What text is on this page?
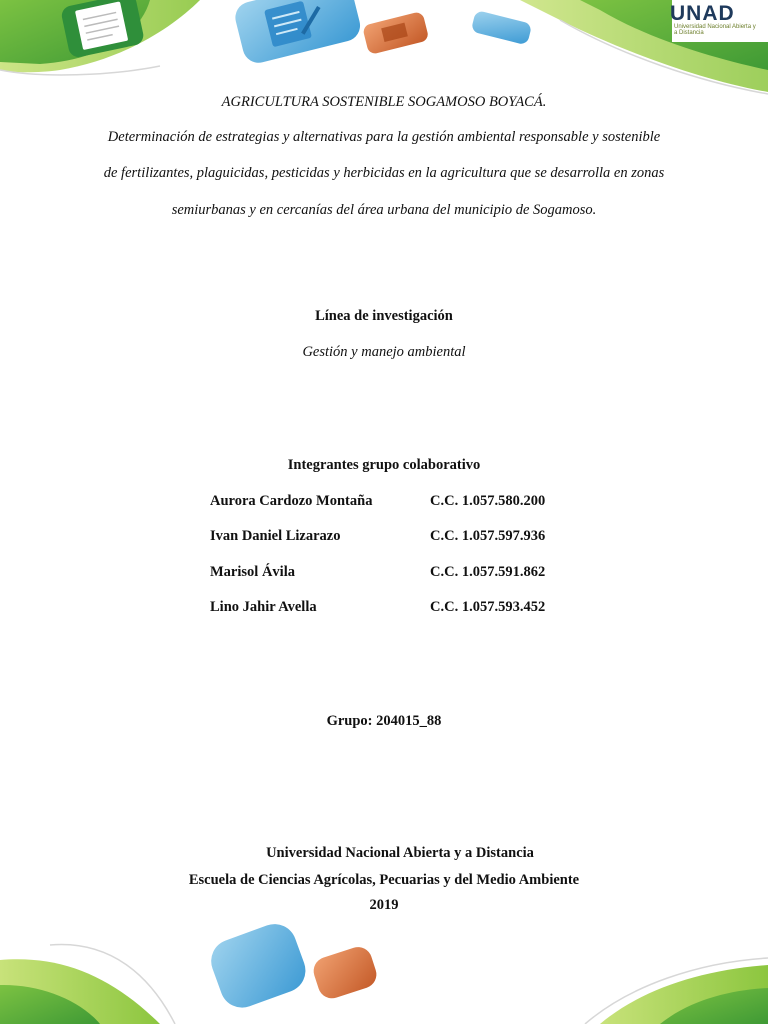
UNAD
Universidad Nacional Abierta y a Distancia
AGRICULTURA SOSTENIBLE SOGAMOSO BOYACÁ.
Determinación de estrategias y alternativas para la gestión ambiental responsable y sostenible
de fertilizantes, plaguicidas, pesticidas y herbicidas en la agricultura que se desarrolla en zonas
semiurbanas y en cercanías del área urbana del municipio de Sogamoso.
Línea de investigación
Gestión y manejo ambiental
Integrantes grupo colaborativo
Aurora Cardozo Montaña	C.C. 1.057.580.200
Ivan Daniel Lizarazo	C.C. 1.057.597.936
Marisol Ávila	C.C. 1.057.591.862
Lino Jahir Avella	C.C. 1.057.593.452
Grupo: 204015_88
Universidad Nacional Abierta y a Distancia
Escuela de Ciencias Agrícolas, Pecuarias y del Medio Ambiente
2019
